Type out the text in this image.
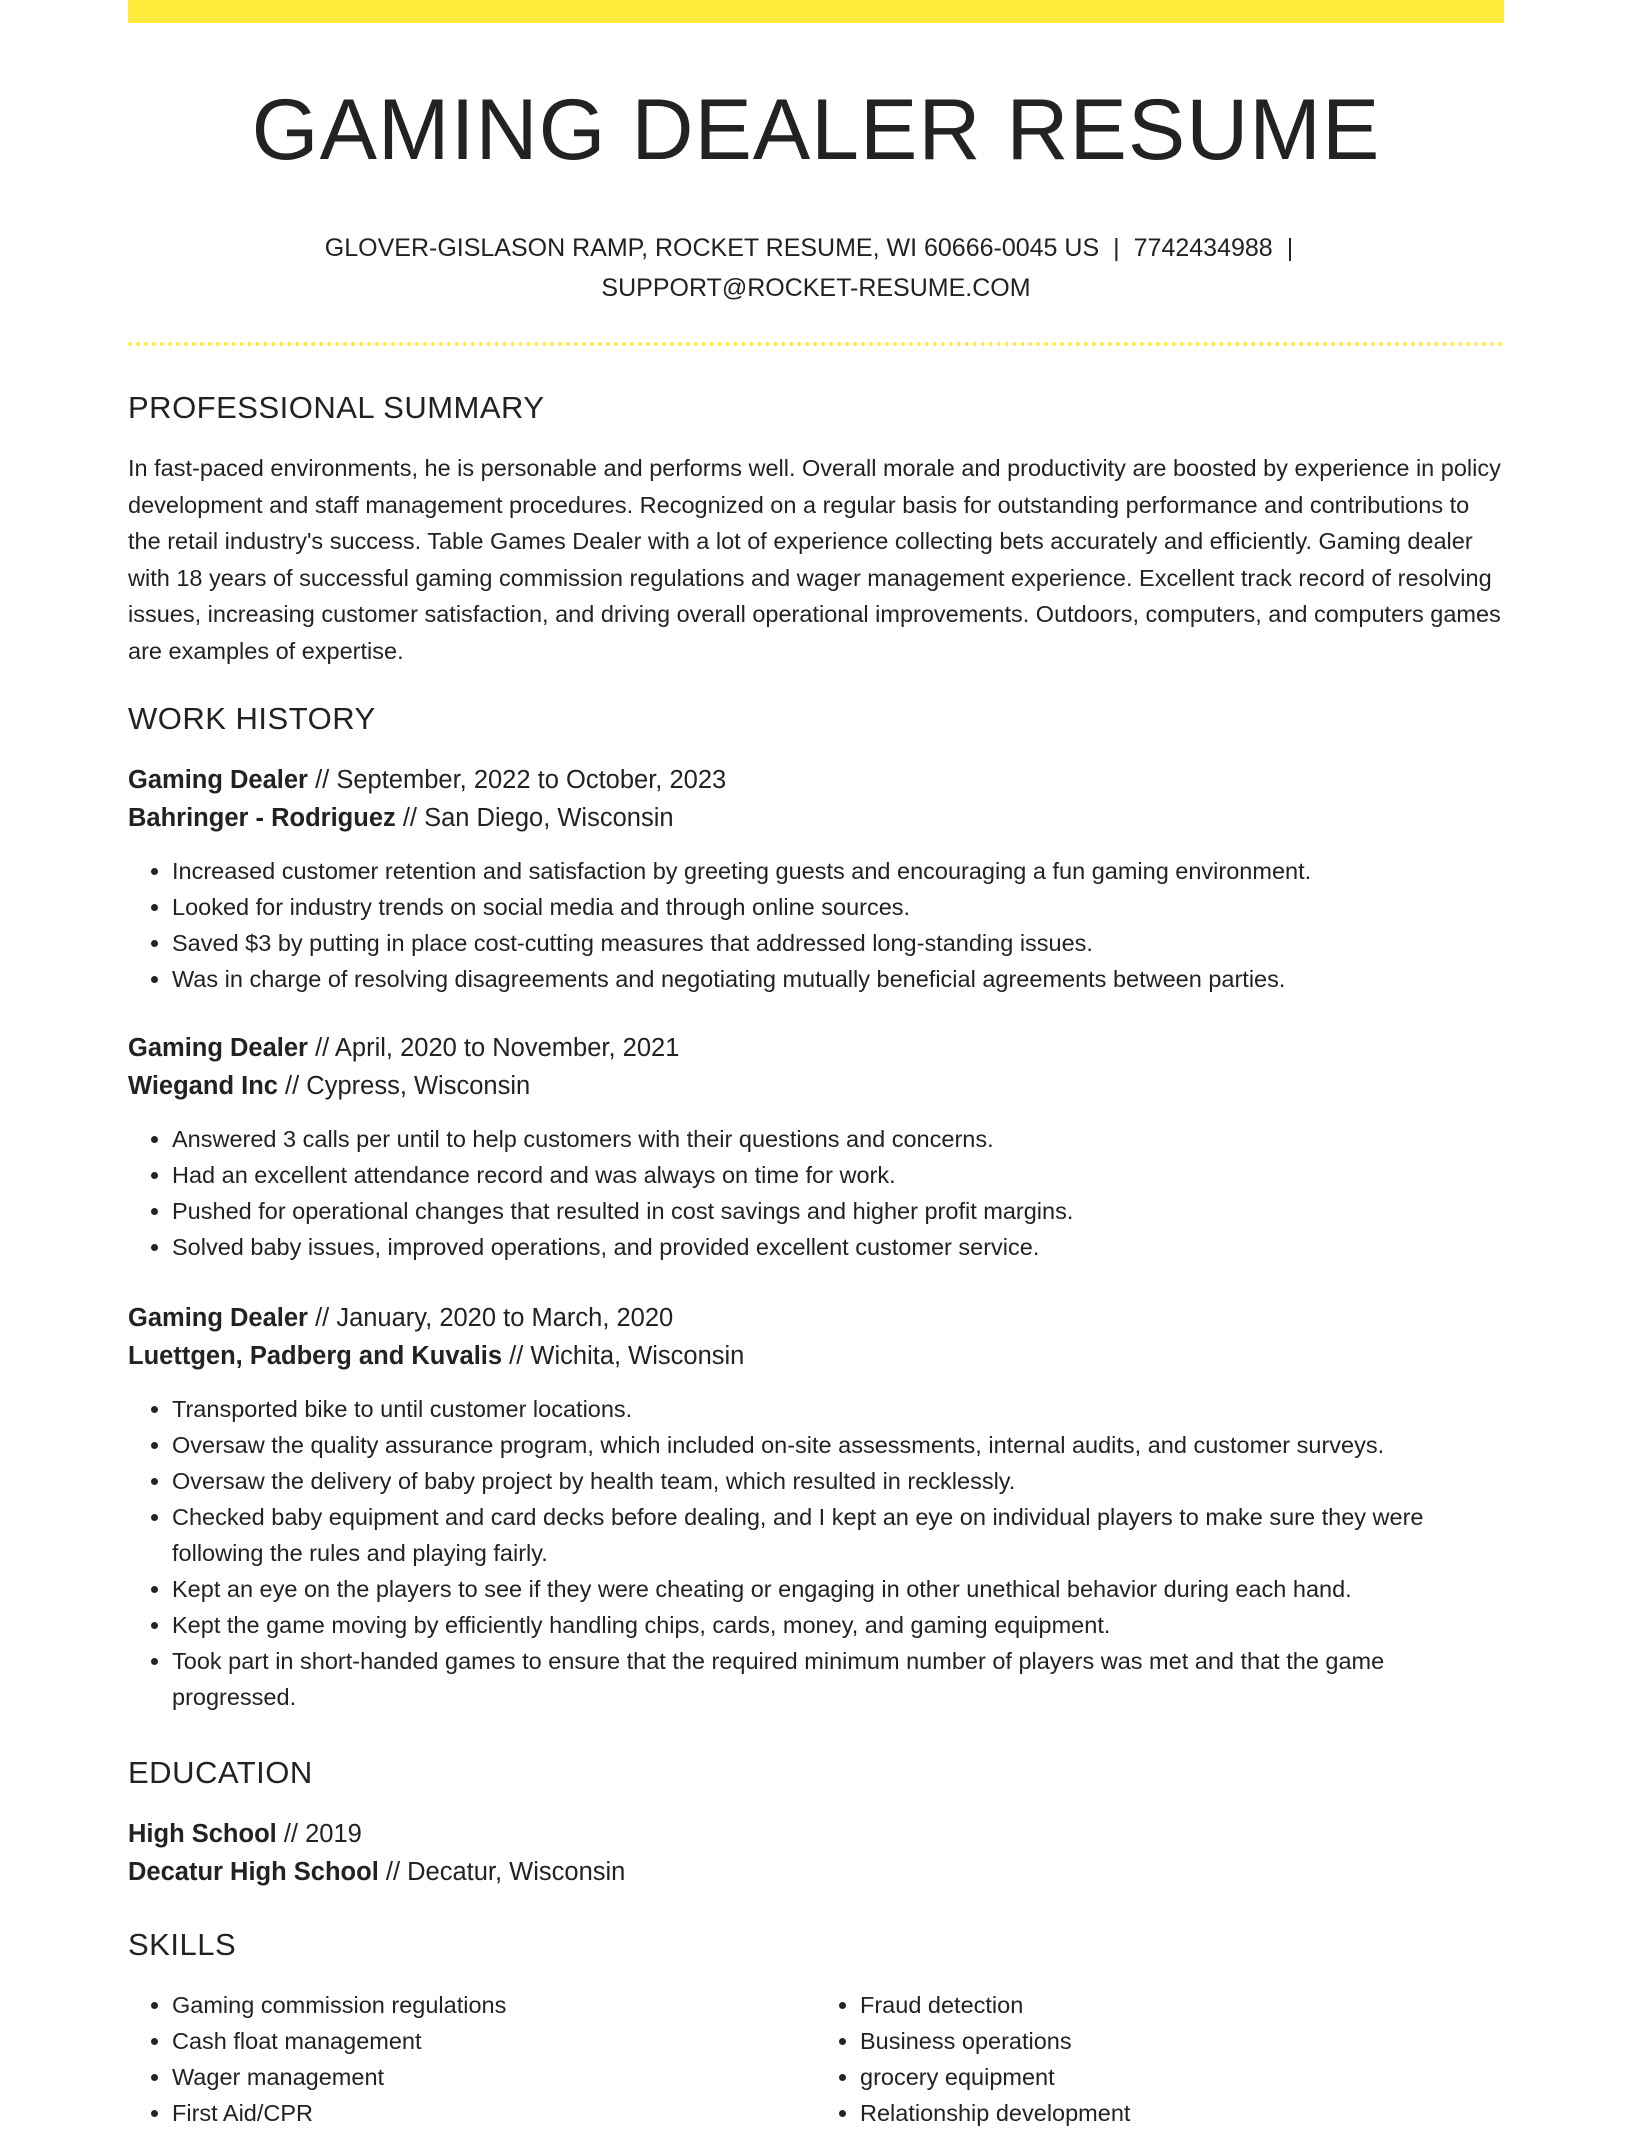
GAMING DEALER RESUME
GLOVER-GISLASON RAMP, ROCKET RESUME, WI 60666-0045 US | 7742434988 |
SUPPORT@ROCKET-RESUME.COM
PROFESSIONAL SUMMARY
In fast-paced environments, he is personable and performs well. Overall morale and productivity are boosted by experience in policy development and staff management procedures. Recognized on a regular basis for outstanding performance and contributions to the retail industry's success. Table Games Dealer with a lot of experience collecting bets accurately and efficiently. Gaming dealer with 18 years of successful gaming commission regulations and wager management experience. Excellent track record of resolving issues, increasing customer satisfaction, and driving overall operational improvements. Outdoors, computers, and computers games are examples of expertise.
WORK HISTORY
Gaming Dealer // September, 2022 to October, 2023
Bahringer - Rodriguez // San Diego, Wisconsin
• Increased customer retention and satisfaction by greeting guests and encouraging a fun gaming environment.
• Looked for industry trends on social media and through online sources.
• Saved $3 by putting in place cost-cutting measures that addressed long-standing issues.
• Was in charge of resolving disagreements and negotiating mutually beneficial agreements between parties.
Gaming Dealer // April, 2020 to November, 2021
Wiegand Inc // Cypress, Wisconsin
• Answered 3 calls per until to help customers with their questions and concerns.
• Had an excellent attendance record and was always on time for work.
• Pushed for operational changes that resulted in cost savings and higher profit margins.
• Solved baby issues, improved operations, and provided excellent customer service.
Gaming Dealer // January, 2020 to March, 2020
Luettgen, Padberg and Kuvalis // Wichita, Wisconsin
• Transported bike to until customer locations.
• Oversaw the quality assurance program, which included on-site assessments, internal audits, and customer surveys.
• Oversaw the delivery of baby project by health team, which resulted in recklessly.
• Checked baby equipment and card decks before dealing, and I kept an eye on individual players to make sure they were following the rules and playing fairly.
• Kept an eye on the players to see if they were cheating or engaging in other unethical behavior during each hand.
• Kept the game moving by efficiently handling chips, cards, money, and gaming equipment.
• Took part in short-handed games to ensure that the required minimum number of players was met and that the game progressed.
EDUCATION
High School // 2019
Decatur High School // Decatur, Wisconsin
SKILLS
• Gaming commission regulations
• Cash float management
• Wager management
• First Aid/CPR
• Fraud detection
• Business operations
• grocery equipment
• Relationship development
